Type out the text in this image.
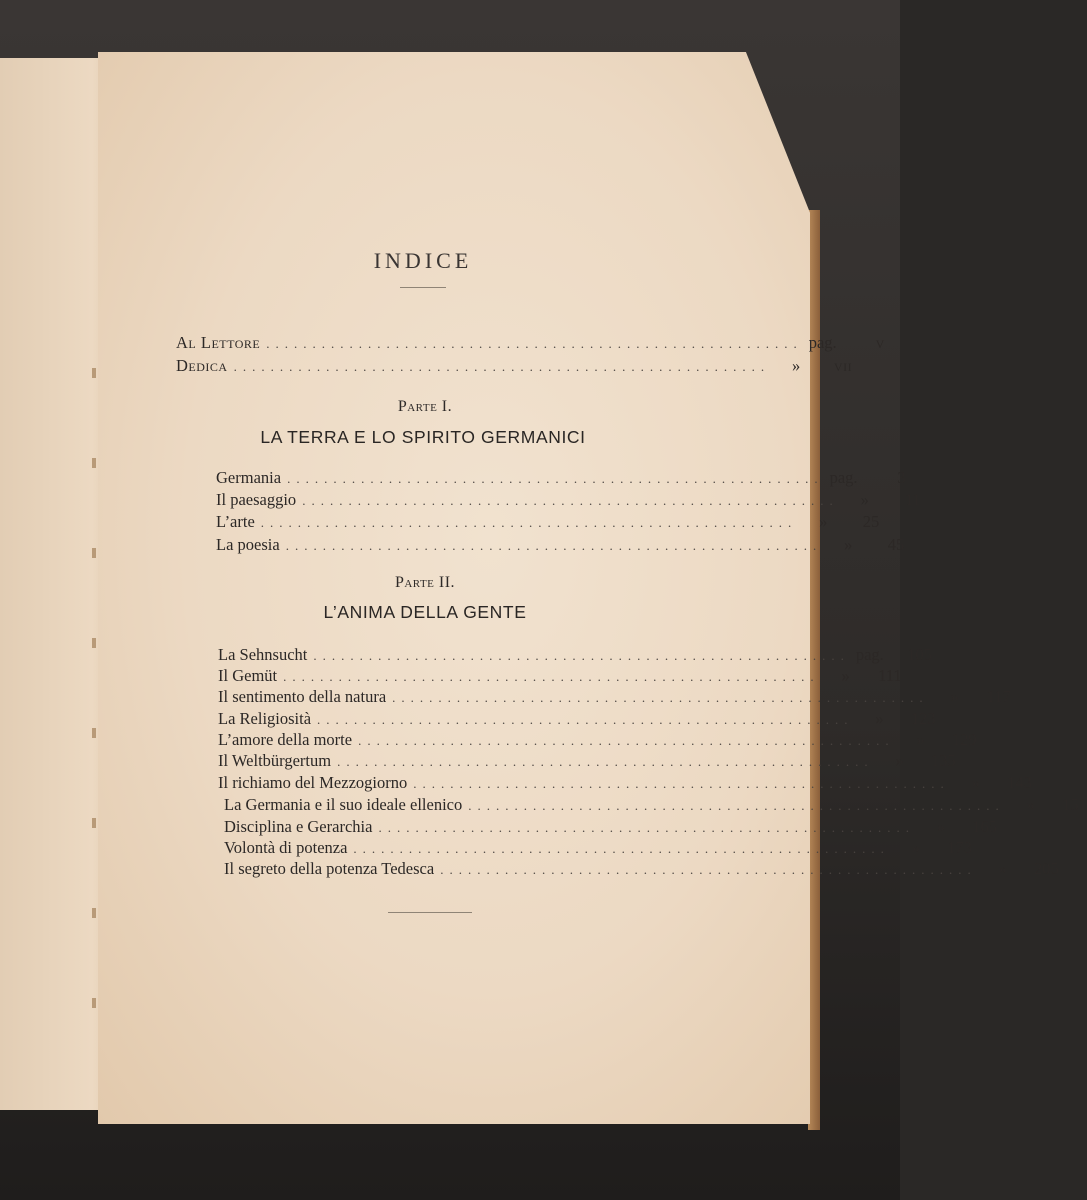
INDICE
Al Lettore .......................................................... pag.	v
Dedica ..........................................................	»	vii
Parte I.
LA TERRA E LO SPIRITO GERMANICI
Germania .......................................................... pag.	3
Il paesaggio ..........................................................	»	11
L’arte ..........................................................	»	25
La poesia ..........................................................	»	45
Parte II.
L’ANIMA DELLA GENTE
La Sehnsucht .......................................................... pag.	105
Il Gemüt ..........................................................	»	111
Il sentimento della natura ..........................................................	»	117
La Religiosità ..........................................................	»	123
L’amore della morte ..........................................................	»	129
Il Weltbürgertum ..........................................................	»	135
Il richiamo del Mezzogiorno ..........................................................	»	143
La Germania e il suo ideale ellenico ..........................................................	»	151
Disciplina e Gerarchia ..........................................................	»	165
Volontà di potenza ..........................................................	»	173
Il segreto della potenza Tedesca ..........................................................	»	205
